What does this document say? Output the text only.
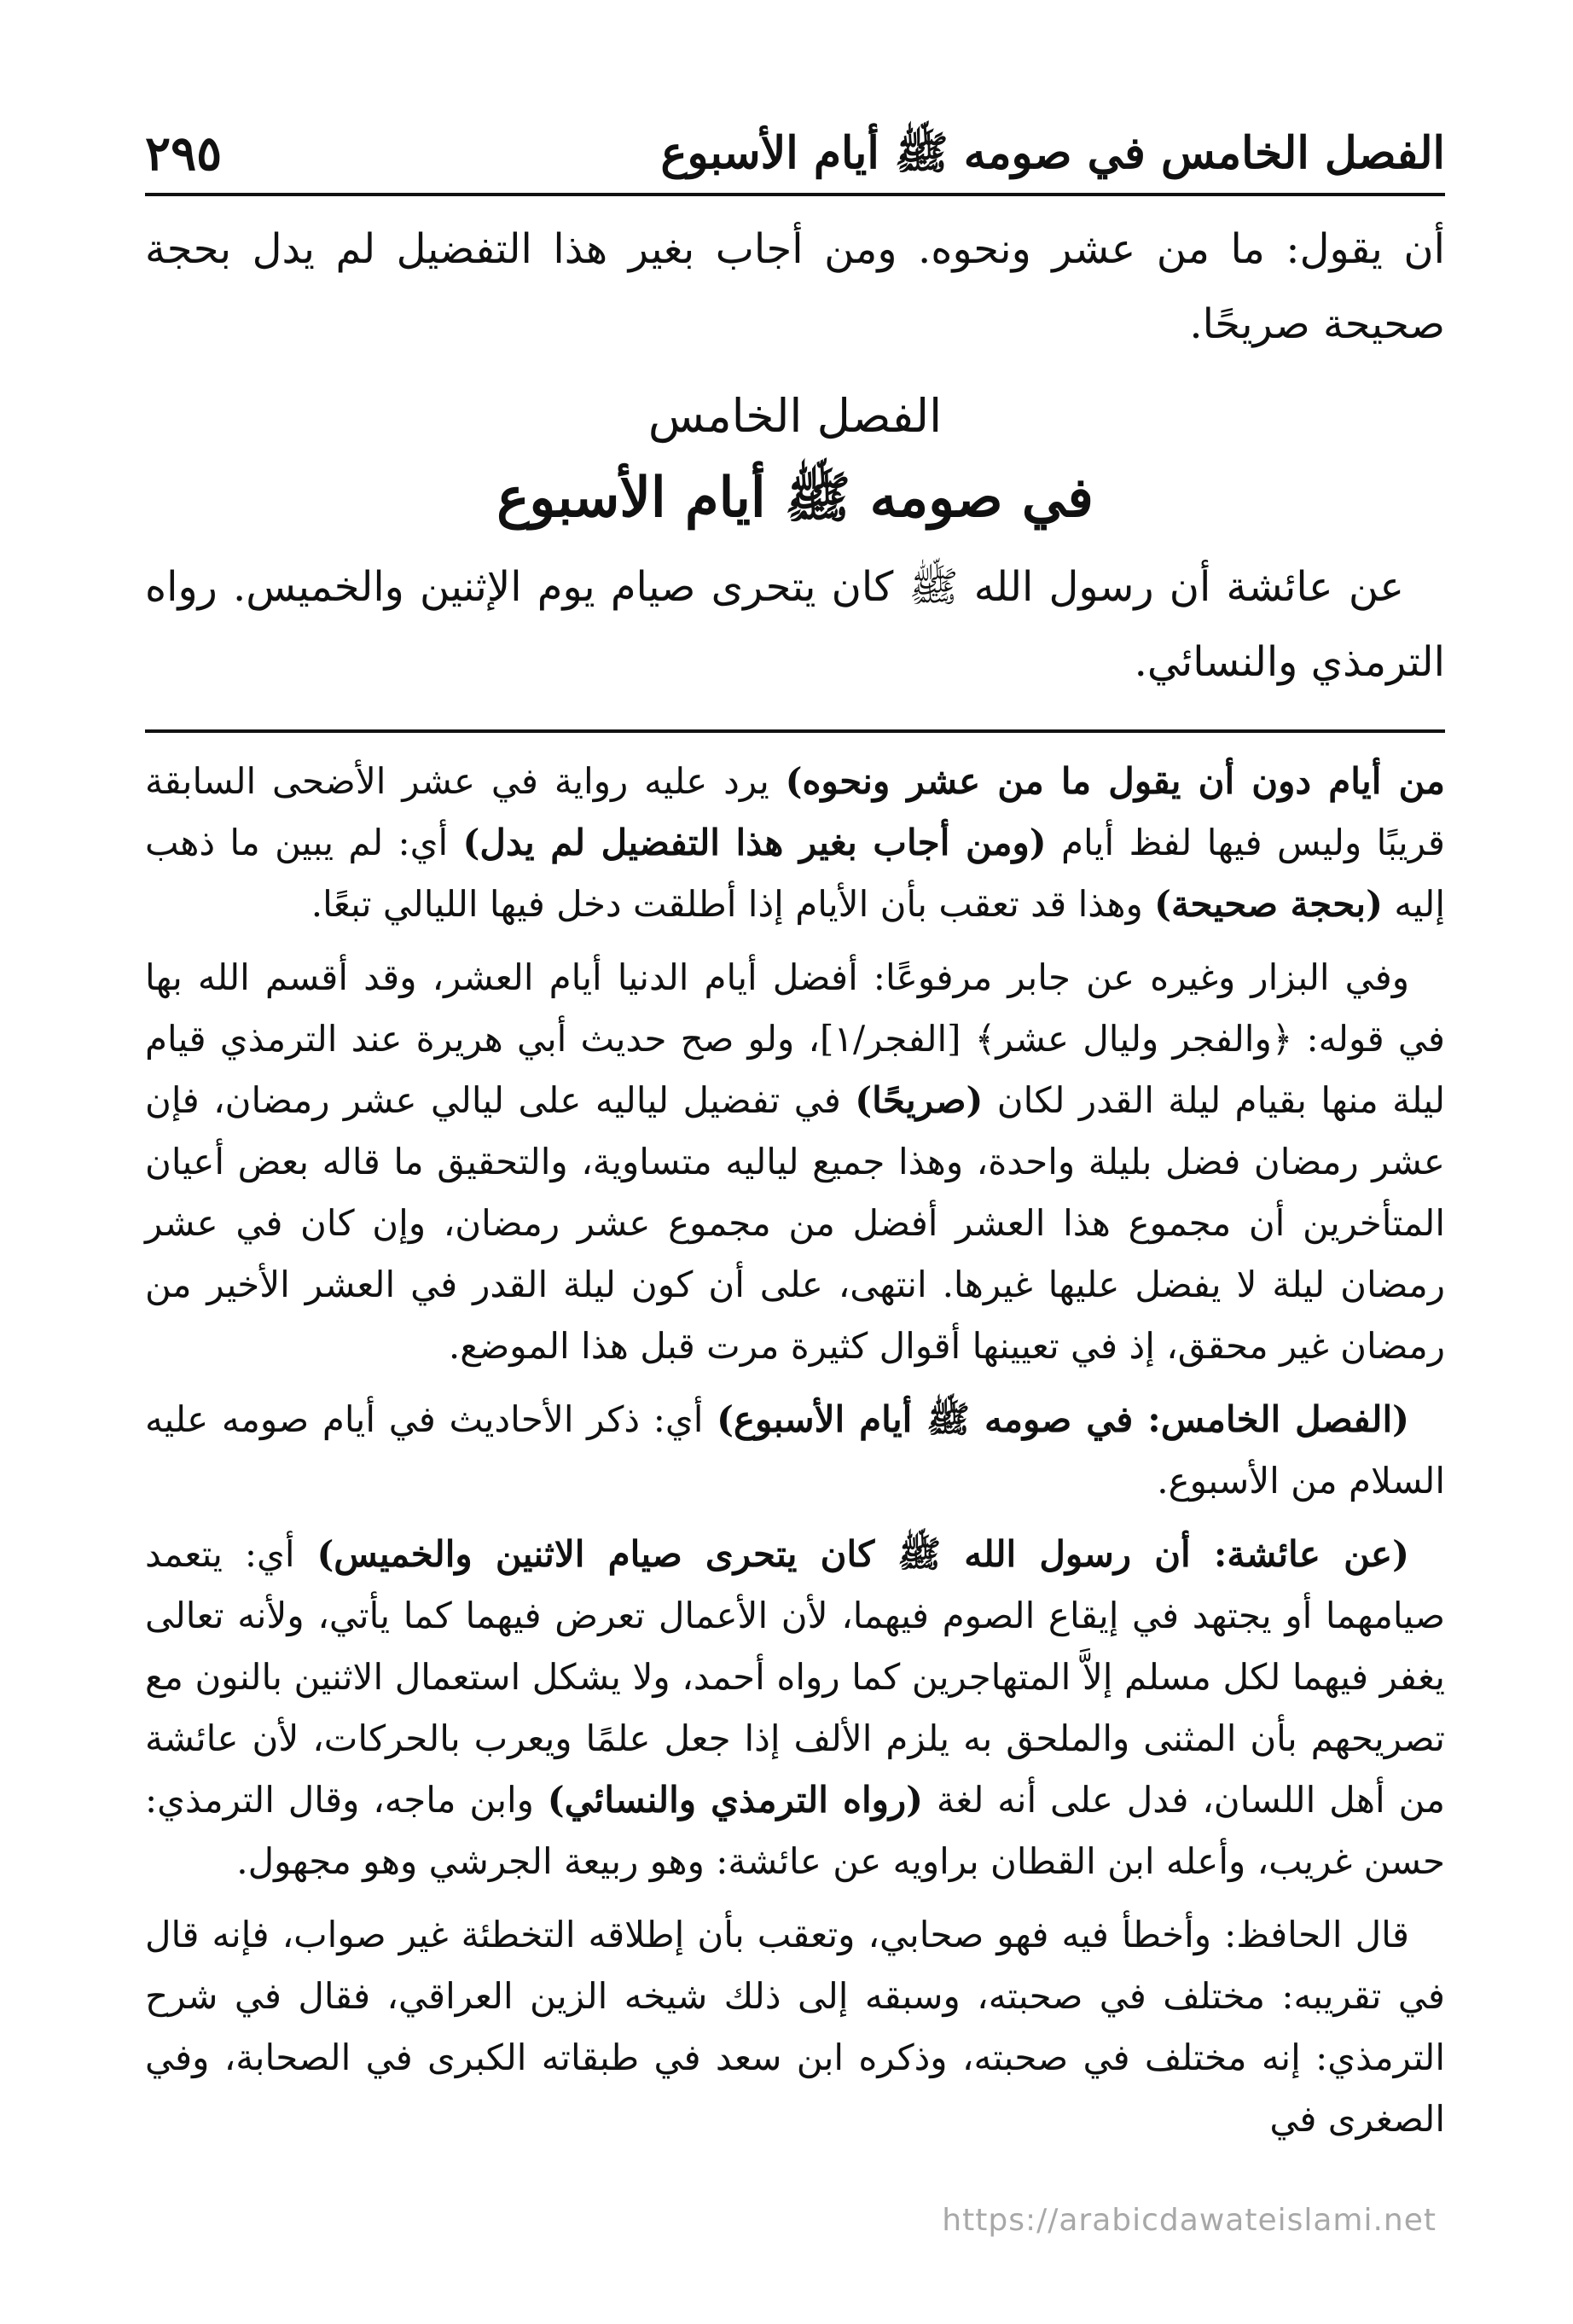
٢٩٥	الفصل الخامس في صومه ﷺ أيام الأسبوع

أن يقول: ما من عشر ونحوه. ومن أجاب بغير هذا التفضيل لم يدل بحجة صحيحة صريحًا.

الفصل الخامس
في صومه ﷺ أيام الأسبوع

عن عائشة أن رسول الله ﷺ كان يتحرى صيام يوم الإثنين والخميس. رواه الترمذي والنسائي.

من أيام دون أن يقول ما من عشر ونحوه) يرد عليه رواية في عشر الأضحى السابقة قريبًا وليس فيها لفظ أيام (ومن أجاب بغير هذا التفضيل لم يدل) أي: لم يبين ما ذهب إليه (بحجة صحيحة) وهذا قد تعقب بأن الأيام إذا أطلقت دخل فيها الليالي تبعًا.

وفي البزار وغيره عن جابر مرفوعًا: أفضل أيام الدنيا أيام العشر، وقد أقسم الله بها في قوله: ﴿والفجر وليال عشر﴾ [الفجر/١]، ولو صح حديث أبي هريرة عند الترمذي قيام ليلة منها بقيام ليلة القدر لكان (صريحًا) في تفضيل لياليه على ليالي عشر رمضان، فإن عشر رمضان فضل بليلة واحدة، وهذا جميع لياليه متساوية، والتحقيق ما قاله بعض أعيان المتأخرين أن مجموع هذا العشر أفضل من مجموع عشر رمضان، وإن كان في عشر رمضان ليلة لا يفضل عليها غيرها. انتهى، على أن كون ليلة القدر في العشر الأخير من رمضان غير محقق، إذ في تعيينها أقوال كثيرة مرت قبل هذا الموضع.

(الفصل الخامس: في صومه ﷺ أيام الأسبوع) أي: ذكر الأحاديث في أيام صومه عليه السلام من الأسبوع.

(عن عائشة: أن رسول الله ﷺ كان يتحرى صيام الاثنين والخميس) أي: يتعمد صيامهما أو يجتهد في إيقاع الصوم فيهما، لأن الأعمال تعرض فيهما كما يأتي، ولأنه تعالى يغفر فيهما لكل مسلم إلاَّ المتهاجرين كما رواه أحمد، ولا يشكل استعمال الاثنين بالنون مع تصريحهم بأن المثنى والملحق به يلزم الألف إذا جعل علمًا ويعرب بالحركات، لأن عائشة من أهل اللسان، فدل على أنه لغة (رواه الترمذي والنسائي) وابن ماجه، وقال الترمذي: حسن غريب، وأعله ابن القطان براويه عن عائشة: وهو ربيعة الجرشي وهو مجهول.

قال الحافظ: وأخطأ فيه فهو صحابي، وتعقب بأن إطلاقه التخطئة غير صواب، فإنه قال في تقريبه: مختلف في صحبته، وسبقه إلى ذلك شيخه الزين العراقي، فقال في شرح الترمذي: إنه مختلف في صحبته، وذكره ابن سعد في طبقاته الكبرى في الصحابة، وفي الصغرى في

https://arabicdawateislami.net
